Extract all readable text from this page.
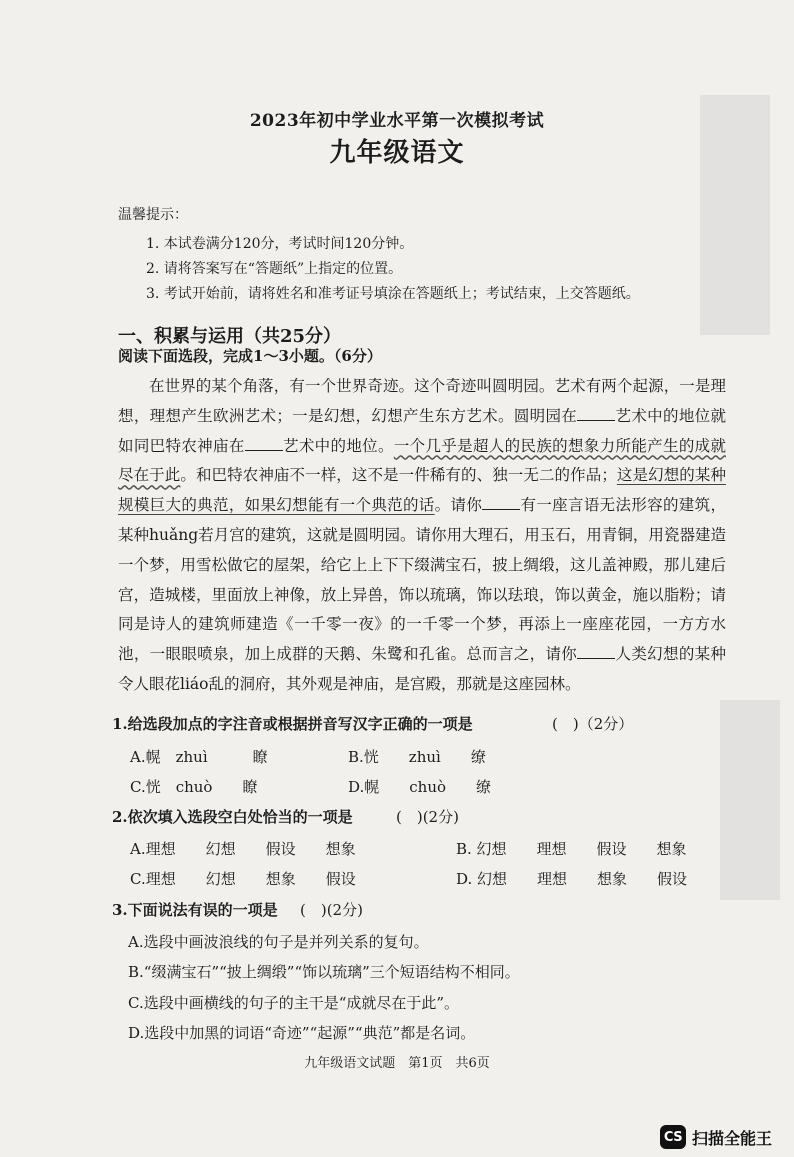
2023年初中学业水平第一次模拟考试
九年级语文
温馨提示：
1. 本试卷满分120分，考试时间120分钟。
2. 请将答案写在“答题纸”上指定的位置。
3. 考试开始前，请将姓名和准考证号填涂在答题纸上；考试结束，上交答题纸。
一、积累与运用（共25分）
阅读下面选段，完成1～3小题。（6分）

在世界的某个角落，有一个世界奇迹。这个奇迹叫圆明园。艺术有两个起源，一是理想，理想产生欧洲艺术；一是幻想，幻想产生东方艺术。圆明园在 艺术中的地位就如同巴特农神庙在 艺术中的地位。一个几乎是超人的民族的想象力所能产生的成就尽在于此。和巴特农神庙不一样，这不是一件稀有的、独一无二的作品；这是幻想的某种规模巨大的典范，如果幻想能有一个典范的话。请你 有一座言语无法形容的建筑，某种huǎng若月宫的建筑，这就是圆明园。请你用大理石，用玉石，用青铜，用瓷器建造一个梦，用雪松做它的屋架，给它上上下下缀满宝石，披上绸缎，这儿盖神殿，那儿建后宫，造城楼，里面放上神像，放上异兽，饰以琉璃，饰以珐琅，饰以黄金，施以脂粉；请同是诗人的建筑师建造《一千零一夜》的一千零一个梦，再添上一座座花园，一方方水池，一眼眼喷泉，加上成群的天鹅、朱鹭和孔雀。总而言之，请你 人类幻想的某种令人眼花liáo乱的洞府，其外观是神庙，是宫殿，那就是这座园林。

1.给选段加点的字注音或根据拼音写汉字正确的一项是	(　)（2分）
A.幌　zhuì　　　瞭	B.恍　　zhuì　　缭
C.恍　chuò　　瞭	D.幌　　chuò　　缭
2.依次填入选段空白处恰当的一项是	(　)(2分)
A.理想　　幻想　　假设　　想象	B. 幻想　　理想　　假设　　想象
C.理想　　幻想　　想象　　假设	D. 幻想　　理想　　想象　　假设
3.下面说法有误的一项是 (　)(2分)
A.选段中画波浪线的句子是并列关系的复句。
B.“缀满宝石”“披上绸缎”“饰以琉璃”三个短语结构不相同。
C.选段中画横线的句子的主干是“成就尽在于此”。
D.选段中加黑的词语“奇迹”“起源”“典范”都是名词。
九年级语文试题　第1页　共6页
CS 扫描全能王
